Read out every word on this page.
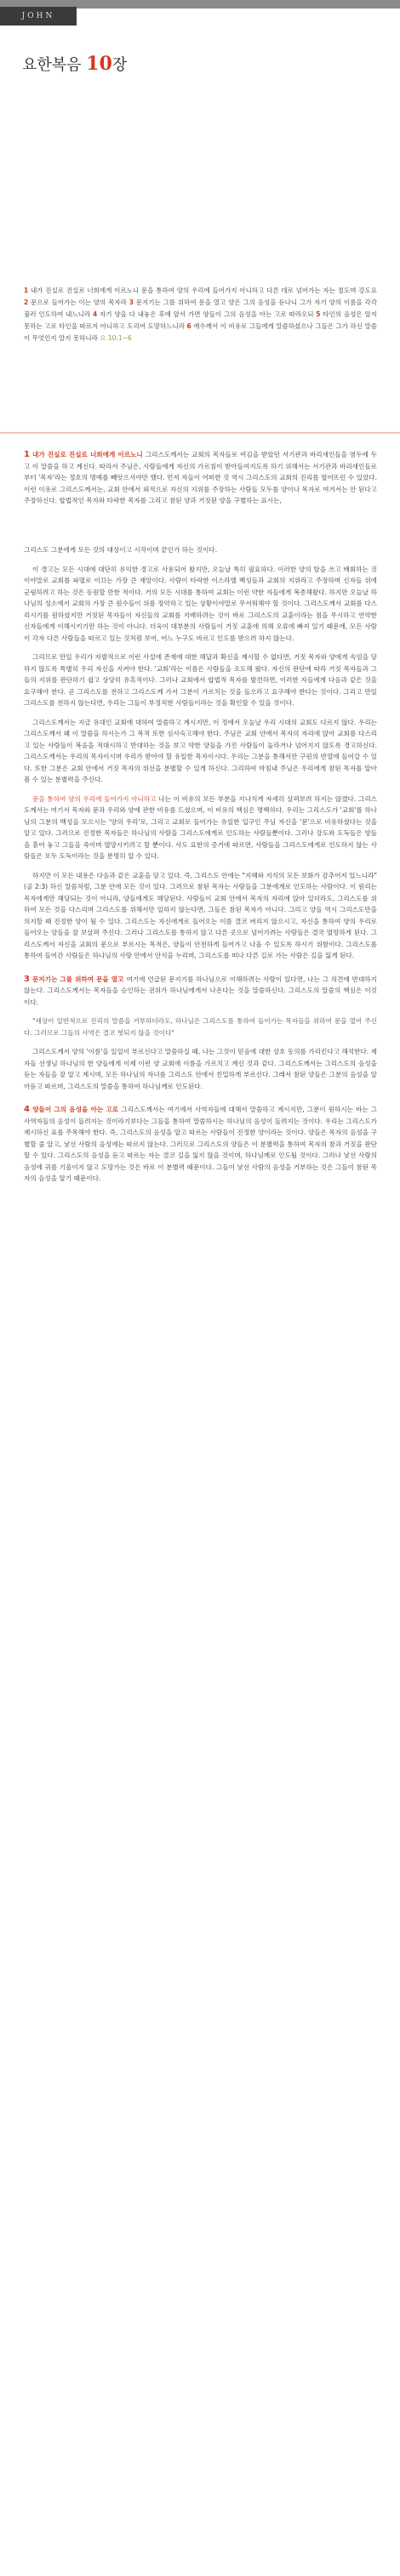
JOHN
요한복음 10장
1 내가 진실로 진실로 너희에게 이르노니 문을 통하여 양의 우리에 들어가지 아니하고 다른 데로 넘어가는 자는 절도며 강도요 2 문으로 들어가는 이는 양의 목자라 3 문지기는 그를 위하여 문을 열고 양은 그의 음성을 듣나니 그가 자기 양의 이름을 각각 불러 인도하여 내느니라 4 자기 양을 다 내놓은 후에 앞서 가면 양들이 그의 음성을 아는 고로 따라오되 5 타인의 음성은 알지 못하는 고로 타인을 따르지 아니하고 도리어 도망하느니라 6 예수께서 이 비유로 그들에게 말씀하셨으나 그들은 그가 하신 말씀이 무엇인지 알지 못하니라 요 10:1~6

1 내가 진실로 진실로 너희에게 이르노니 그리스도께서는 교회의 목자들로 여김을 받았던 서기관과 바리새인들을 염두에 두고 이 말씀을 하고 계신다. 따라서 주님은, 사람들에게 자신의 가르침이 받아들여지도록 하기 위해서는 서기관과 바리새인들로부터 '목자'라는 정호의 명예를 빼앗으셔야만 했다. 먼저 자들이 어떠한 것 역시 그리스도의 교회의 진리를 멸어뜨린 수 있었다. 이런 이유로 그리스도께서는, 교회 안에서 외적으로 자신의 지위를 주장하는 사람들 모두를 양이나 목자로 여겨서는 안 된다고 주장하신다. 합법적인 목자와 타락한 목자를 그리고 참된 양과 거짓된 양을 구별하는 표시는,

그리스도 그분에게 모든 것의 대상이고 시작이며 끝인가 하는 것이다.

이 경고는 모든 시대에 대단히 유익한 경고로 사용되어 왔지만, 오늘날 특히 필요하다. 이러한 양의 탈을 쓰고 배회하는 것이야말로 교회를 파멸로 이끄는 가장 큰 재앙이다. 사람이 타락한 이스라엘 백성들과 교회의 지위라고 주장하며 신자들 위에 군림하려고 하는 것은 동원할 만한 적이다. 거의 모든 시대를 통하여 교회는 이런 약한 자들에게 복종해왔다. 하지만 오늘날 하나님의 성소에서 교회의 가장 큰 원수들이 위를 장악하고 있는 상황이야말로 무서워해야 할 것이다. 그리스도께서 교회를 다스리시기를 원하셨지만 거짓된 목자들이 자신들의 교회를 지배하려는 것이 바로 그리스도의 교훈이라는 점을 무시하고 연약한 신자들에게 이해시키기만 하는 것이 아니다. 더욱이 대부분의 사람들이 거짓 교훈에 의해 오류에 빠져 있기 때문에, 모든 사람이 각자 다른 사람들을 따르고 있는 것처럼 보여, 어느 누구도 바르고 인도를 받으려 하지 않는다.

그리므로 만일 우리가 자발적으로 이런 사설에 존재에 대한 해답과 확신을 제시할 수 없다면, 거짓 목자와 양에게 속임을 당하지 않도록 특별히 우리 자신을 지켜야 한다. '교회'라는 이름은 사람들을 오도해 왔다. 자신의 판단에 따라 거짓 목자들과 그들의 지위를 판단하기 쉽고 상당히 유혹적이다. 그러나 교회에서 합법적 목자를 발견하면, 이러한 자들에게 다음과 같은 것을 요구해야 한다. 곧 그리스도를 전하고 그리스도께 가서 그분이 가르치는 것을 들으라고 요구해야 한다는 것이다. 그리고 만일 그리스도를 전하지 않는다면, 우리는 그들이 부정직한 사람들이라는 것을 확인할 수 있을 것이다.

그리스도께서는 지금 유대인 교회에 대하여 말씀하고 계시지만, 이 정에서 오늘날 우리 시대의 교회도 다르지 않다. 우리는 그리스도께서 왜 이 말씀을 하시는가 그 목적 또한 심사숙고해야 한다. 주님은 교회 안에서 목자의 자리에 앉아 교회를 다스리고 있는 사람들이 복음을 적대시하고 반대하는 것을 보고 약한 양들을 가진 사람들이 놀라거나 넘어지지 않도록 경고하신다. 그리스도께서는 우리의 목자이시며 우리가 받아야 할 유일한 목자이시다. 우리는 그분을 통해서만 구원의 반열에 들어갈 수 있다. 또한 그분은 교회 안에서 거짓 목자의 위선을 분별할 수 있게 하신다. 그리하여 마침내 주님은 우리에게 참된 목자를 알아볼 수 있는 분별력을 주신다.

문을 통하여 양의 우리에 들어가지 아니하고 나는 이 비유의 모든 부분을 지나치게 자세히 살펴보려 하지는 않겠다. 그리스도께서는 여기서 목자와 문과 우리와 양에 관한 비유를 드셨으며, 이 비유의 핵심은 명백하다. 우리는 그리스도가 '교회'를 하나님의 그분의 백성을 모으시는 '양의 우리'로, 그리고 교회로 들어가는 유일한 입구인 주님 자신을 '문'으로 비유하셨다는 것을 알고 있다. 그러므로 진정한 목자들은 하나님의 사람을 그리스도에게로 인도하는 사람들뿐이다. 그러나 강도와 도둑들은 양들을 흩어 놓고 그들을 죽이며 멸망시키려고 할 뿐이다. 사도 요한의 증거에 따르면, 사람들을 그리스도에게로 인도하지 않는 사람들은 모두 도둑이라는 것을 분명히 알 수 있다.

하지만 이 모든 내용은 다음과 같은 교훈을 담고 있다. 즉, 그리스도 안에는 "지혜와 지식의 모든 보화가 감추어져 있느니라"(골 2:3) 하신 말씀처럼, 그분 안에 모든 것이 있다. 그러므로 참된 목자는 사람들을 그분에게로 인도하는 사람이다. 이 원리는 목자에게만 해당되는 것이 아니라, 양들에게도 해당된다. 사람들이 교회 안에서 목자의 자리에 앉아 있더라도, 그리스도를 위하여 모든 것을 다스리며 그리스도를 위해서만 일하지 않는다면, 그들은 참된 목자가 아니다. 그리고 양들 역시 그리스도만을 의지할 때 진정한 양이 될 수 있다. 그리스도는 자신에게로 들어오는 이를 결코 버리지 않으시고, 자신을 통하여 양의 우리로 들어오는 양들을 잘 보살펴 주신다. 그러나 그리스도를 통하지 않고 다른 곳으로 넘어가려는 사람들은 결국 멸망하게 된다. 그리스도께서 자신을 교회의 문으로 부르시는 목적은, 양들이 안전하게 들어가고 나올 수 있도록 하시기 위함이다. 그리스도를 통하여 들어간 사람들은 하나님의 사랑 안에서 안식을 누리며, 그리스도를 떠나 다른 길로 가는 사람은 길을 잃게 된다.

3 문지기는 그를 위하여 문을 열고 여기에 언급된 문지기를 하나님으로 이해하려는 사람이 있다면, 나는 그 의견에 반대하지 않는다. 그리스도께서는 목자들을 승인하는 권위가 하나님에게서 나온다는 것을 말씀하신다. 그리스도의 말씀의 핵심은 이것이다.

"세상이 일반적으로 진리의 말씀을 거부하더라도, 하나님은 그리스도를 통하여 들어가는 목자들을 위하여 문을 열어 주신다. 그러므로 그들의 사역은 결코 헛되지 않을 것이다"

그리스도께서 양의 '이름'을 일일이 부르신다고 말씀하실 때, 나는 그것이 믿음에 대한 상호 동의를 가리킨다고 해석한다. 제자들 선생님 하나님의 한 양들에게 이제 이런 양 교회에 이름을 가르치고 계신 것과 같다. 그리스도께서는 그리스도의 음성을 듣는 자들을 잘 알고 계시며, 모든 하나님의 자녀를 그리스도 안에서 친밀하게 부르신다. 그래서 참된 양들은 그분의 음성을 알아듣고 따르며, 그리스도의 말씀을 통하여 하나님께로 인도된다.

4 양들이 그의 음성을 아는 고로 그리스도께서는 여기에서 사역자들에 대해서 말씀하고 계시지만, 그분이 원하시는 바는 그 사역자들의 음성이 들려지는 것이라기보다는 그들을 통하여 말씀하시는 하나님의 음성이 들려지는 것이다. 우리는 그리스도가 제시하신 표를 주목해야 한다. 즉, 그리스도의 음성을 알고 따르는 사람들이 진정한 양이라는 것이다. 양들은 목자의 음성을 구별할 줄 알고, 낯선 사람의 음성에는 따르지 않는다. 그러므로 그리스도의 양들은 이 분별력을 통하여 목자의 참과 거짓을 판단할 수 있다. 그리스도의 음성을 듣고 따르는 자는 결코 길을 잃지 않을 것이며, 하나님께로 인도될 것이다. 그러나 낯선 사람의 음성에 귀를 기울이지 않고 도망가는 것은 바로 이 분별력 때문이다. 그들이 낯선 사람의 음성을 거부하는 것은 그들이 참된 목자의 음성을 알기 때문이다.
